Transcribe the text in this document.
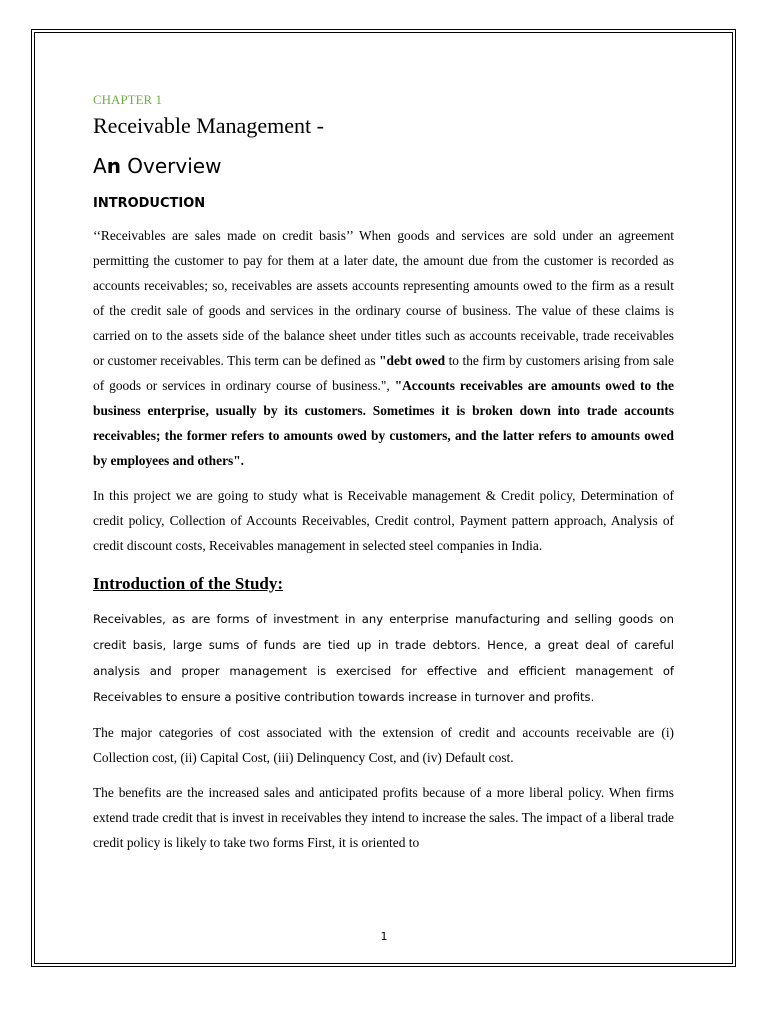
CHAPTER 1
Receivable Management -
An Overview
INTRODUCTION

‘‘Receivables are sales made on credit basis’’ When goods and services are sold under an agreement permitting the customer to pay for them at a later date, the amount due from the customer is recorded as accounts receivables; so, receivables are assets accounts representing amounts owed to the firm as a result of the credit sale of goods and services in the ordinary course of business. The value of these claims is carried on to the assets side of the balance sheet under titles such as accounts receivable, trade receivables or customer receivables. This term can be defined as "debt owed to the firm by customers arising from sale of goods or services in ordinary course of business.", "Accounts receivables are amounts owed to the business enterprise, usually by its customers. Sometimes it is broken down into trade accounts receivables; the former refers to amounts owed by customers, and the latter refers to amounts owed by employees and others".

In this project we are going to study what is Receivable management & Credit policy, Determination of credit policy, Collection of Accounts Receivables, Credit control, Payment pattern approach, Analysis of credit discount costs, Receivables management in selected steel companies in India.

Introduction of the Study:

Receivables, as are forms of investment in any enterprise manufacturing and selling goods on credit basis, large sums of funds are tied up in trade debtors. Hence, a great deal of careful analysis and proper management is exercised for effective and efficient management of Receivables to ensure a positive contribution towards increase in turnover and profits.

The major categories of cost associated with the extension of credit and accounts receivable are (i) Collection cost, (ii) Capital Cost, (iii) Delinquency Cost, and (iv) Default cost.

The benefits are the increased sales and anticipated profits because of a more liberal policy. When firms extend trade credit that is invest in receivables they intend to increase the sales. The impact of a liberal trade credit policy is likely to take two forms First, it is oriented to

1
